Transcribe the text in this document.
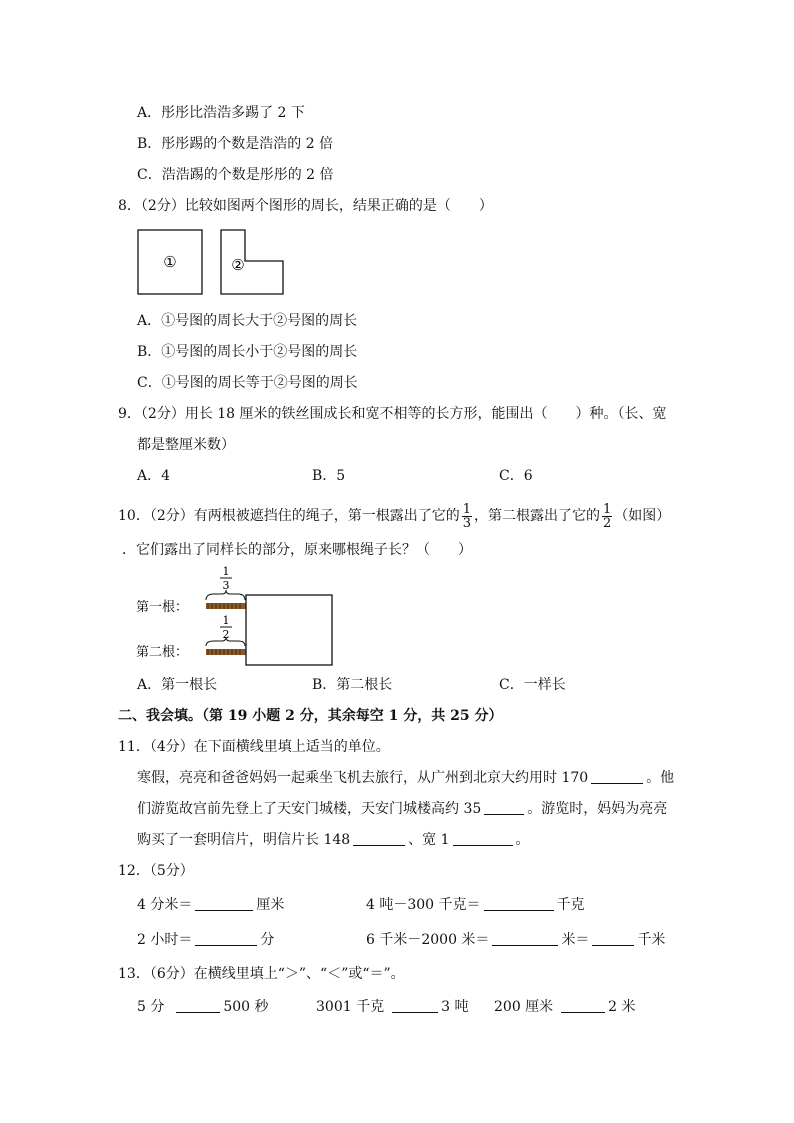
A．彤彤比浩浩多踢了 2 下
B．彤彤踢的个数是浩浩的 2 倍
C．浩浩踢的个数是彤彤的 2 倍
8．（2分）比较如图两个图形的周长，结果正确的是（　　）
①	②
A．①号图的周长大于②号图的周长
B．①号图的周长小于②号图的周长
C．①号图的周长等于②号图的周长
9．（2分）用长 18 厘米的铁丝围成长和宽不相等的长方形，能围出（　　）种。（长、宽
都是整厘米数）
A．4	B．5	C．6
10．（2分）有两根被遮挡住的绳子，第一根露出了它的 $\frac{1}{3}$ ，第二根露出了它的 $\frac{1}{2}$ （如图）
．它们露出了同样长的部分，原来哪根绳子长？（　　）
第一根：
第二根：
1
3
1
2
A．第一根长	B．第二根长	C．一样长
二、我会填。（第 19 小题 2 分，其余每空 1 分，共 25 分）
11．（4分）在下面横线里填上适当的单位。
寒假，亮亮和爸爸妈妈一起乘坐飞机去旅行，从广州到北京大约用时 170	。他
们游览故宫前先登上了天安门城楼，天安门城楼高约 35	。游览时，妈妈为亮亮
购买了一套明信片，明信片长 148	、宽 1	。
12．（5分）
4 分米＝	厘米	4 吨－300 千克＝	千克
2 小时＝	分	6 千米－2000 米＝	米＝	千米
13．（6分）在横线里填上“＞”、“＜”或“＝”。
5 分	500 秒	3001 千克	3 吨 200 厘米	2 米
